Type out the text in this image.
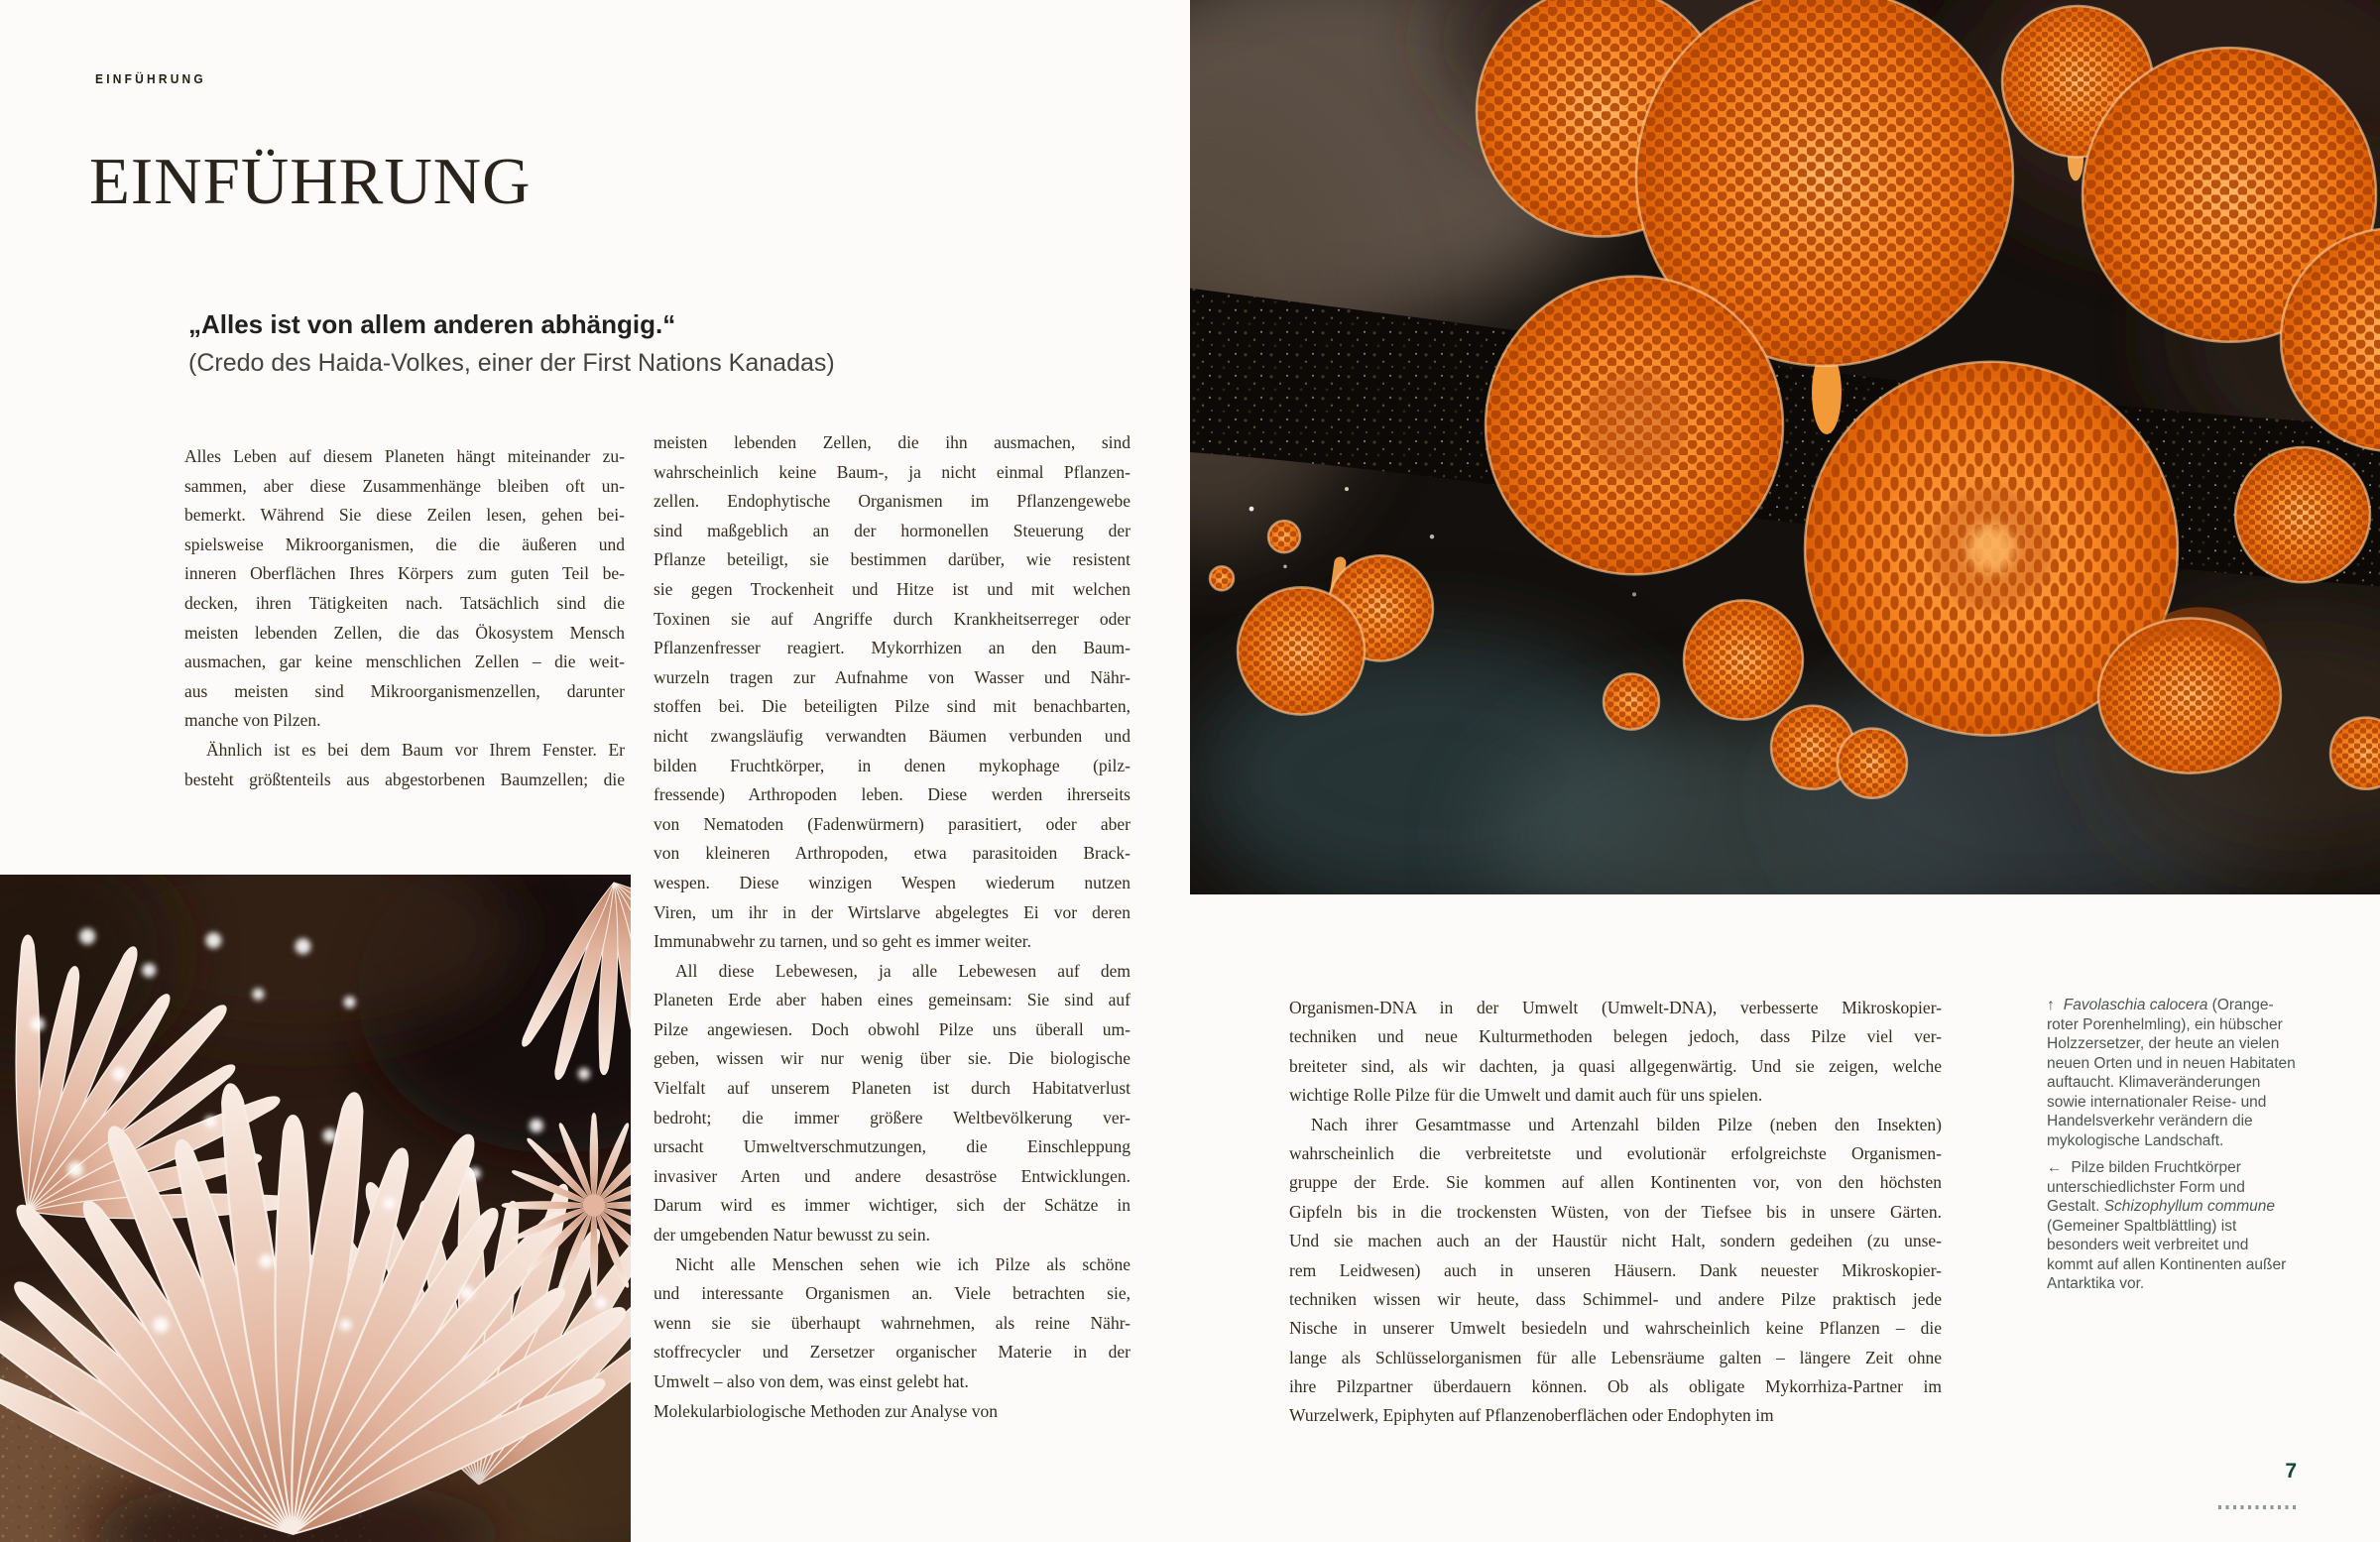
EINFÜHRUNG
EINFÜHRUNG
„Alles ist von allem anderen abhängig.“
(Credo des Haida-Volkes, einer der First Nations Kanadas)
Alles Leben auf diesem Planeten hängt miteinander zu-
sammen, aber diese Zusammenhänge bleiben oft un-
bemerkt. Während Sie diese Zeilen lesen, gehen bei-
spielsweise Mikroorganismen, die die äußeren und
inneren Oberflächen Ihres Körpers zum guten Teil be-
decken, ihren Tätigkeiten nach. Tatsächlich sind die
meisten lebenden Zellen, die das Ökosystem Mensch
ausmachen, gar keine menschlichen Zellen – die weit-
aus meisten sind Mikroorganismenzellen, darunter
manche von Pilzen.
Ähnlich ist es bei dem Baum vor Ihrem Fenster. Er
besteht größtenteils aus abgestorbenen Baumzellen; die
meisten lebenden Zellen, die ihn ausmachen, sind
wahrscheinlich keine Baum-, ja nicht einmal Pflanzen-
zellen. Endophytische Organismen im Pflanzengewebe
sind maßgeblich an der hormonellen Steuerung der
Pflanze beteiligt, sie bestimmen darüber, wie resistent
sie gegen Trockenheit und Hitze ist und mit welchen
Toxinen sie auf Angriffe durch Krankheitserreger oder
Pflanzenfresser reagiert. Mykorrhizen an den Baum-
wurzeln tragen zur Aufnahme von Wasser und Nähr-
stoffen bei. Die beteiligten Pilze sind mit benachbarten,
nicht zwangsläufig verwandten Bäumen verbunden und
bilden Fruchtkörper, in denen mykophage (pilz-
fressende) Arthropoden leben. Diese werden ihrerseits
von Nematoden (Fadenwürmern) parasitiert, oder aber
von kleineren Arthropoden, etwa parasitoiden Brack-
wespen. Diese winzigen Wespen wiederum nutzen
Viren, um ihr in der Wirtslarve abgelegtes Ei vor deren
Immunabwehr zu tarnen, und so geht es immer weiter.
All diese Lebewesen, ja alle Lebewesen auf dem
Planeten Erde aber haben eines gemeinsam: Sie sind auf
Pilze angewiesen. Doch obwohl Pilze uns überall um-
geben, wissen wir nur wenig über sie. Die biologische
Vielfalt auf unserem Planeten ist durch Habitatverlust
bedroht; die immer größere Weltbevölkerung ver-
ursacht Umweltverschmutzungen, die Einschleppung
invasiver Arten und andere desaströse Entwicklungen.
Darum wird es immer wichtiger, sich der Schätze in
der umgebenden Natur bewusst zu sein.
Nicht alle Menschen sehen wie ich Pilze als schöne
und interessante Organismen an. Viele betrachten sie,
wenn sie sie überhaupt wahrnehmen, als reine Nähr-
stoffrecycler und Zersetzer organischer Materie in der
Umwelt – also von dem, was einst gelebt hat.
Molekularbiologische Methoden zur Analyse von
Organismen-DNA in der Umwelt (Umwelt-DNA), verbesserte Mikroskopier-
techniken und neue Kulturmethoden belegen jedoch, dass Pilze viel ver-
breiteter sind, als wir dachten, ja quasi allgegenwärtig. Und sie zeigen, welche
wichtige Rolle Pilze für die Umwelt und damit auch für uns spielen.
Nach ihrer Gesamtmasse und Artenzahl bilden Pilze (neben den Insekten)
wahrscheinlich die verbreitetste und evolutionär erfolgreichste Organismen-
gruppe der Erde. Sie kommen auf allen Kontinenten vor, von den höchsten
Gipfeln bis in die trockensten Wüsten, von der Tiefsee bis in unsere Gärten.
Und sie machen auch an der Haustür nicht Halt, sondern gedeihen (zu unse-
rem Leidwesen) auch in unseren Häusern. Dank neuester Mikroskopier-
techniken wissen wir heute, dass Schimmel- und andere Pilze praktisch jede
Nische in unserer Umwelt besiedeln und wahrscheinlich keine Pflanzen – die
lange als Schlüsselorganismen für alle Lebensräume galten – längere Zeit ohne
ihre Pilzpartner überdauern können. Ob als obligate Mykorrhiza-Partner im
Wurzelwerk, Epiphyten auf Pflanzenoberflächen oder Endophyten im
↑ Favolaschia calocera (Orange-roter Porenhelmling), ein hübscher Holzzersetzer, der heute an vielen neuen Orten und in neuen Habitaten auftaucht. Klimaveränderungen sowie internationaler Reise- und Handelsverkehr verändern die mykologische Landschaft.
← Pilze bilden Fruchtkörper unterschiedlichster Form und Gestalt. Schizophyllum commune (Gemeiner Spaltblättling) ist besonders weit verbreitet und kommt auf allen Kontinenten außer Antarktika vor.
7
